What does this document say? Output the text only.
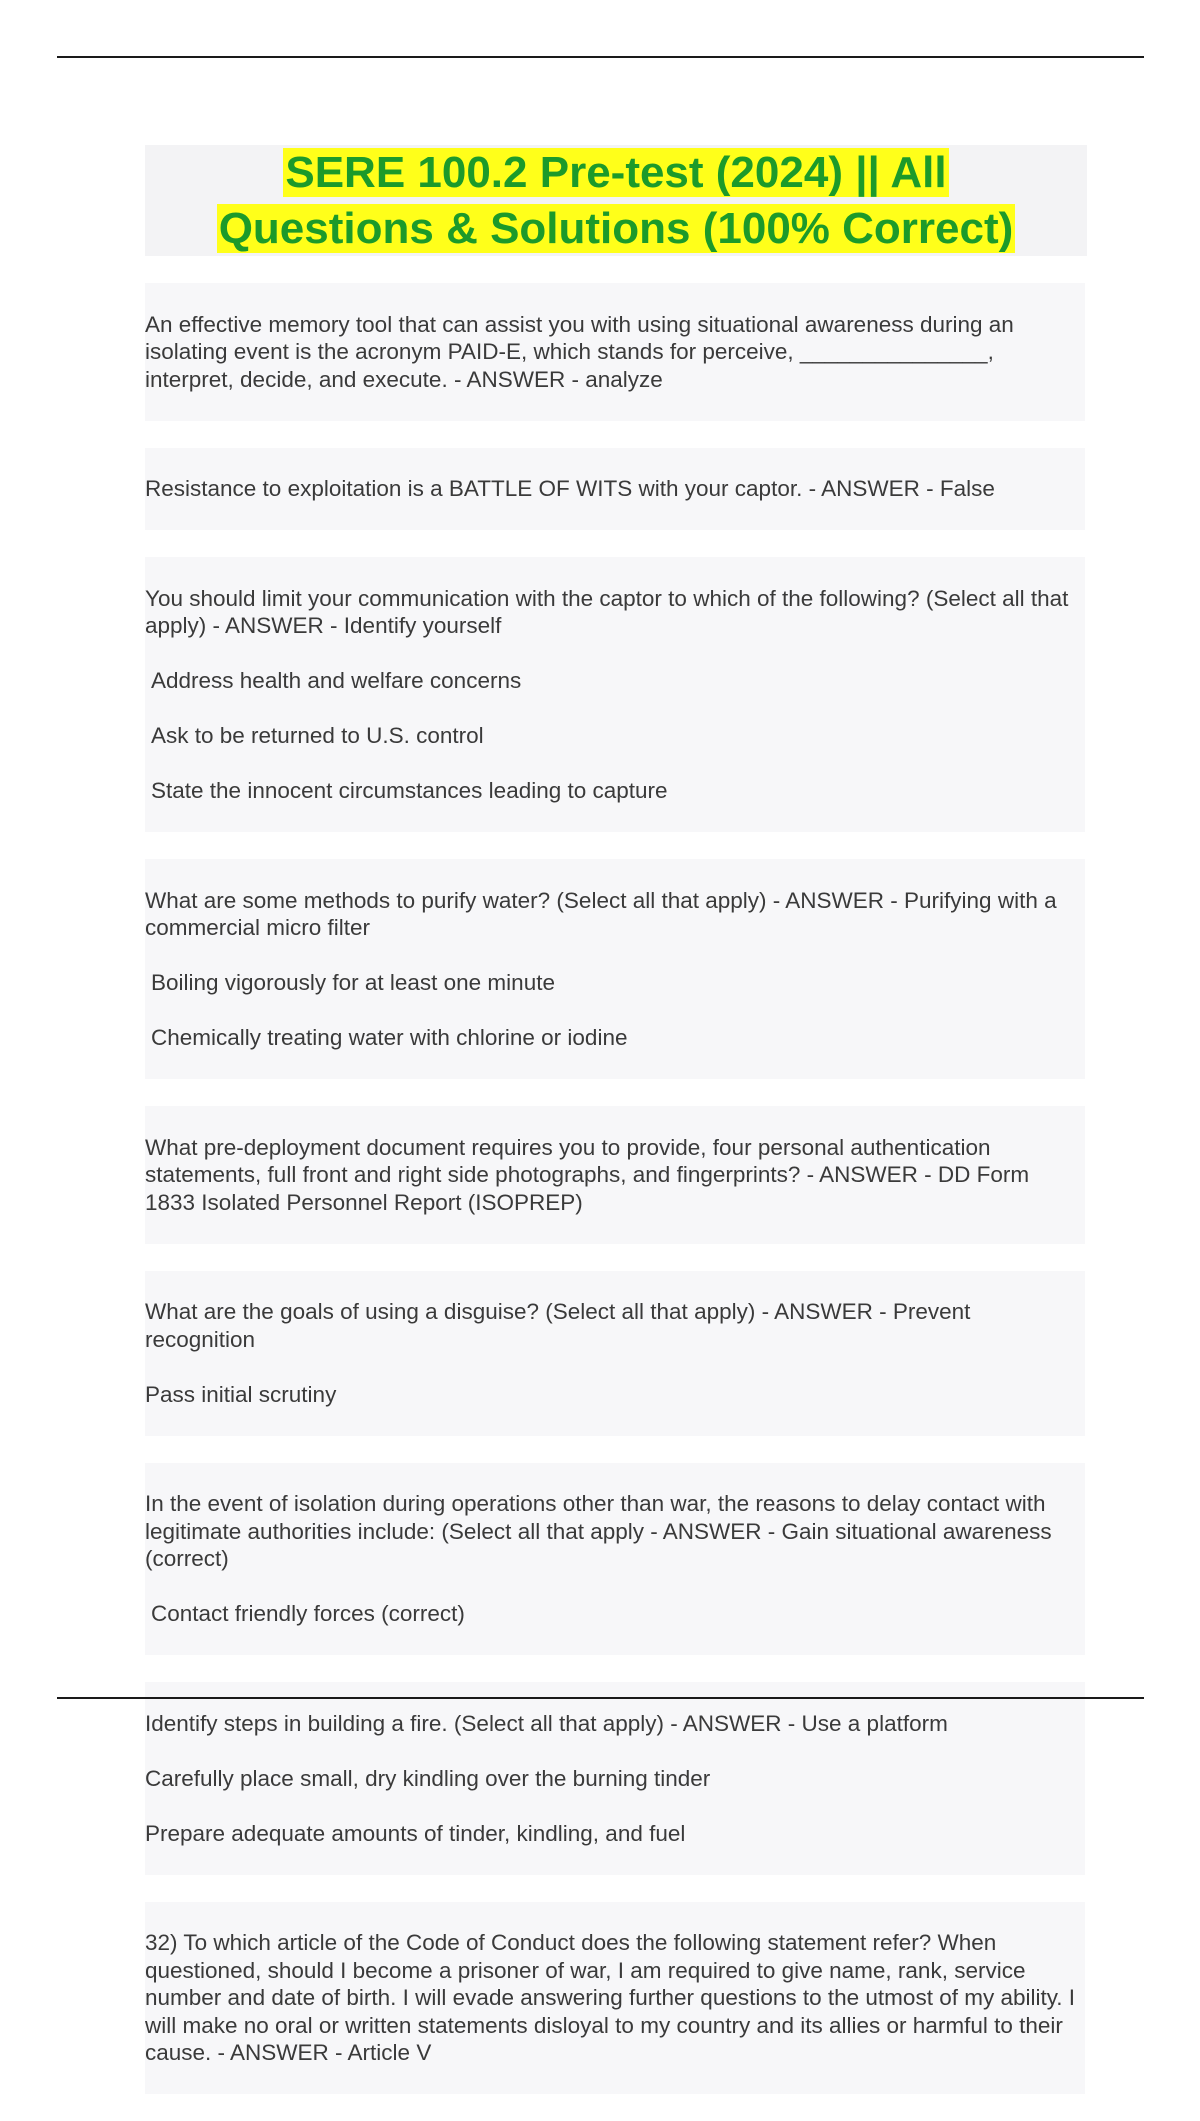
SERE 100.2 Pre-test (2024) || All
Questions & Solutions (100% Correct)

An effective memory tool that can assist you with using situational awareness during an isolating event is the acronym PAID-E, which stands for perceive, _______________, interpret, decide, and execute. - ANSWER - analyze

Resistance to exploitation is a BATTLE OF WITS with your captor. - ANSWER - False

You should limit your communication with the captor to which of the following? (Select all that apply) - ANSWER - Identify yourself

Address health and welfare concerns

Ask to be returned to U.S. control

State the innocent circumstances leading to capture

What are some methods to purify water? (Select all that apply) - ANSWER - Purifying with a commercial micro filter

Boiling vigorously for at least one minute

Chemically treating water with chlorine or iodine

What pre-deployment document requires you to provide, four personal authentication statements, full front and right side photographs, and fingerprints? - ANSWER - DD Form 1833 Isolated Personnel Report (ISOPREP)

What are the goals of using a disguise? (Select all that apply) - ANSWER - Prevent recognition

Pass initial scrutiny

In the event of isolation during operations other than war, the reasons to delay contact with legitimate authorities include: (Select all that apply - ANSWER - Gain situational awareness (correct)

Contact friendly forces (correct)

Identify steps in building a fire. (Select all that apply) - ANSWER - Use a platform

Carefully place small, dry kindling over the burning tinder

Prepare adequate amounts of tinder, kindling, and fuel

32) To which article of the Code of Conduct does the following statement refer? When questioned, should I become a prisoner of war, I am required to give name, rank, service number and date of birth. I will evade answering further questions to the utmost of my ability. I will make no oral or written statements disloyal to my country and its allies or harmful to their cause. - ANSWER - Article V
